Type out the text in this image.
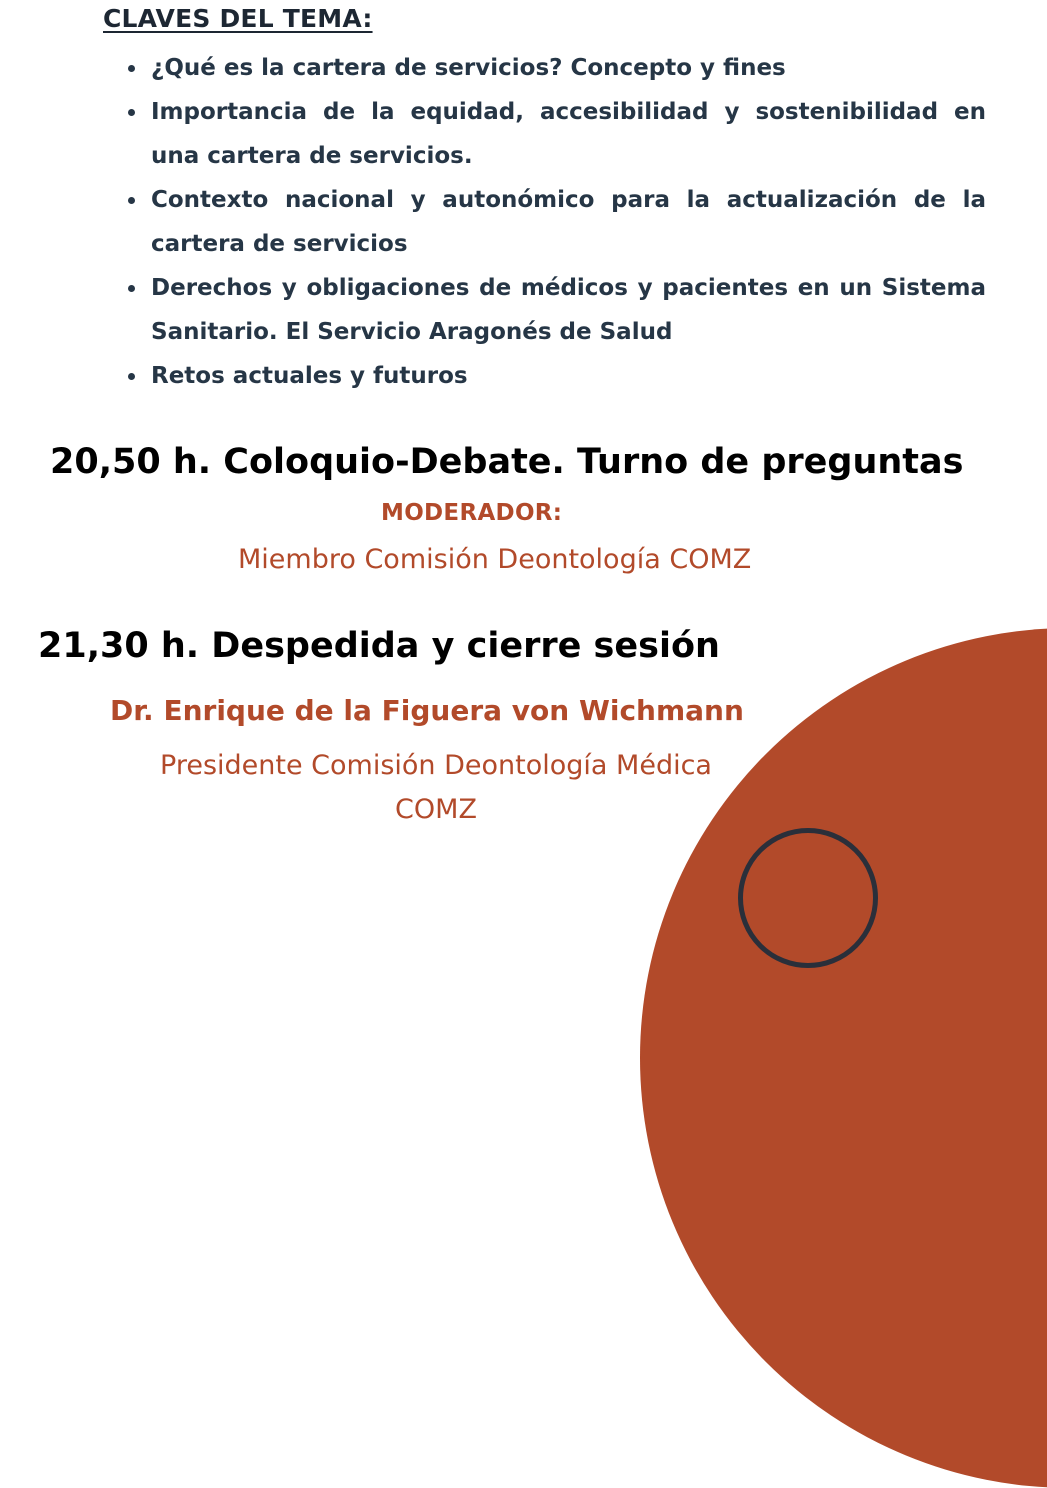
CLAVES DEL TEMA:
¿Qué es la cartera de servicios? Concepto y fines
Importancia de la equidad, accesibilidad y sostenibilidad en una cartera de servicios.
Contexto nacional y autonómico para la actualización de la cartera de servicios
Derechos y obligaciones de médicos y pacientes en un Sistema Sanitario. El Servicio Aragonés de Salud
Retos actuales y futuros
20,50 h. Coloquio-Debate. Turno de preguntas
MODERADOR:
Miembro Comisión Deontología COMZ
21,30 h. Despedida y cierre sesión
Dr. Enrique de la Figuera von Wichmann
Presidente Comisión Deontología Médica COMZ
